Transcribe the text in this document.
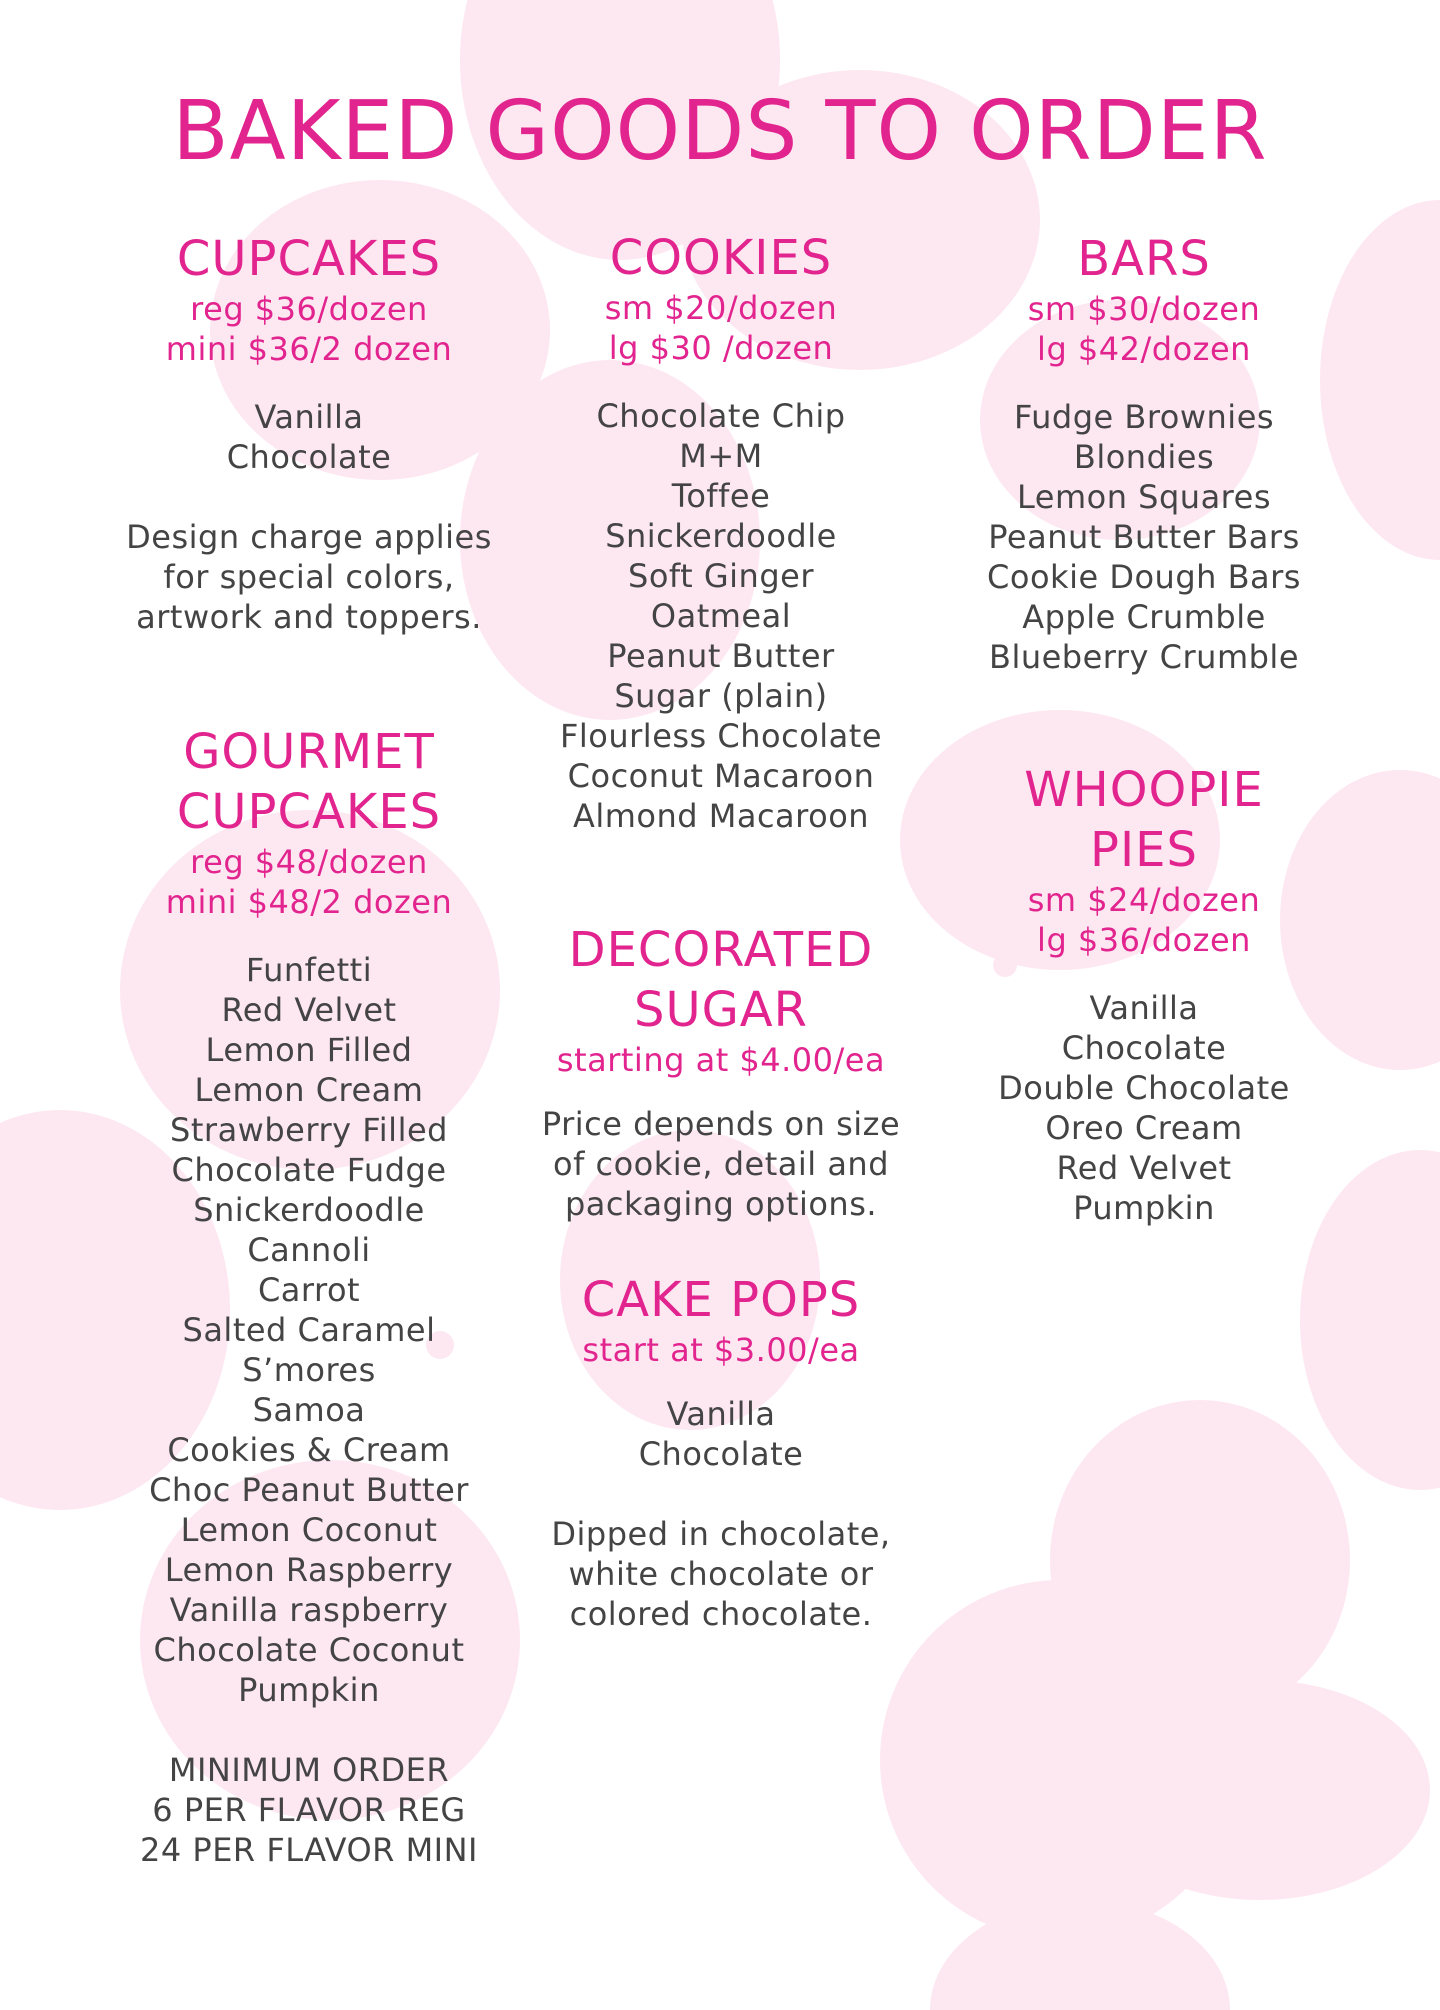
BAKED GOODS TO ORDER
CUPCAKES
reg $36/dozen
mini $36/2 dozen
Vanilla
Chocolate
Design charge applies
for special colors,
artwork and toppers.
GOURMET
CUPCAKES
reg $48/dozen
mini $48/2 dozen
Funfetti
Red Velvet
Lemon Filled
Lemon Cream
Strawberry Filled
Chocolate Fudge
Snickerdoodle
Cannoli
Carrot
Salted Caramel
S’mores
Samoa
Cookies & Cream
Choc Peanut Butter
Lemon Coconut
Lemon Raspberry
Vanilla raspberry
Chocolate Coconut
Pumpkin
MINIMUM ORDER
6 PER FLAVOR REG
24 PER FLAVOR MINI
COOKIES
sm $20/dozen
lg $30 /dozen
Chocolate Chip
M+M
Toffee
Snickerdoodle
Soft Ginger
Oatmeal
Peanut Butter
Sugar (plain)
Flourless Chocolate
Coconut Macaroon
Almond Macaroon
DECORATED
SUGAR
starting at $4.00/ea
Price depends on size
of cookie, detail and
packaging options.
CAKE POPS
start at $3.00/ea
Vanilla
Chocolate
Dipped in chocolate,
white chocolate or
colored chocolate.
BARS
sm $30/dozen
lg $42/dozen
Fudge Brownies
Blondies
Lemon Squares
Peanut Butter Bars
Cookie Dough Bars
Apple Crumble
Blueberry Crumble
WHOOPIE
PIES
sm $24/dozen
lg $36/dozen
Vanilla
Chocolate
Double Chocolate
Oreo Cream
Red Velvet
Pumpkin
